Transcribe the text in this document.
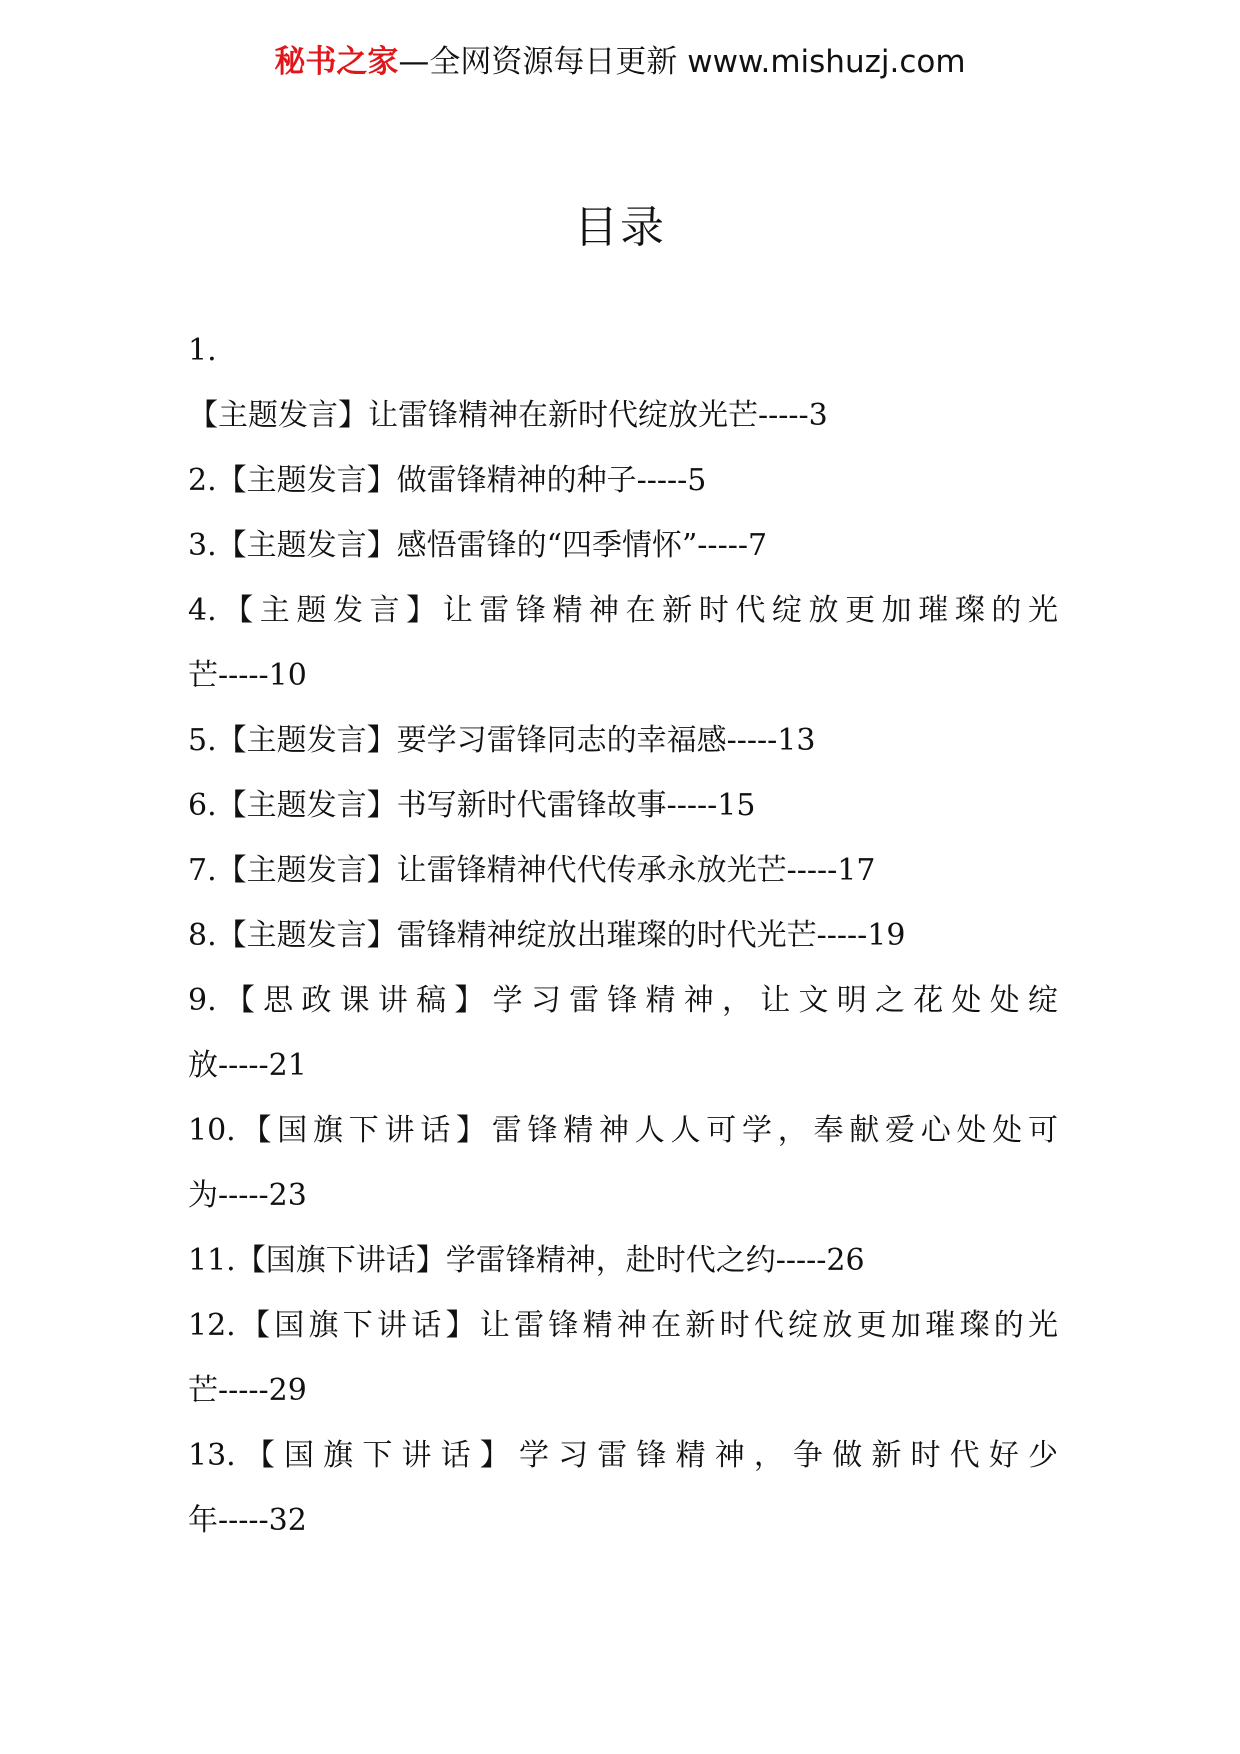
秘书之家—全网资源每日更新 www.mishuzj.com
目录
1.
【主题发言】让雷锋精神在新时代绽放光芒-----3
2.【主题发言】做雷锋精神的种子-----5
3.【主题发言】感悟雷锋的“四季情怀”-----7
4.【主题发言】让雷锋精神在新时代绽放更加璀璨的光
芒-----10
5.【主题发言】要学习雷锋同志的幸福感-----13
6.【主题发言】书写新时代雷锋故事-----15
7.【主题发言】让雷锋精神代代传承永放光芒-----17
8.【主题发言】雷锋精神绽放出璀璨的时代光芒-----19
9.【思政课讲稿】学习雷锋精神，让文明之花处处绽
放-----21
10.【国旗下讲话】雷锋精神人人可学，奉献爱心处处可
为-----23
11.【国旗下讲话】学雷锋精神，赴时代之约-----26
12.【国旗下讲话】让雷锋精神在新时代绽放更加璀璨的光
芒-----29
13.【国旗下讲话】学习雷锋精神，争做新时代好少
年-----32
